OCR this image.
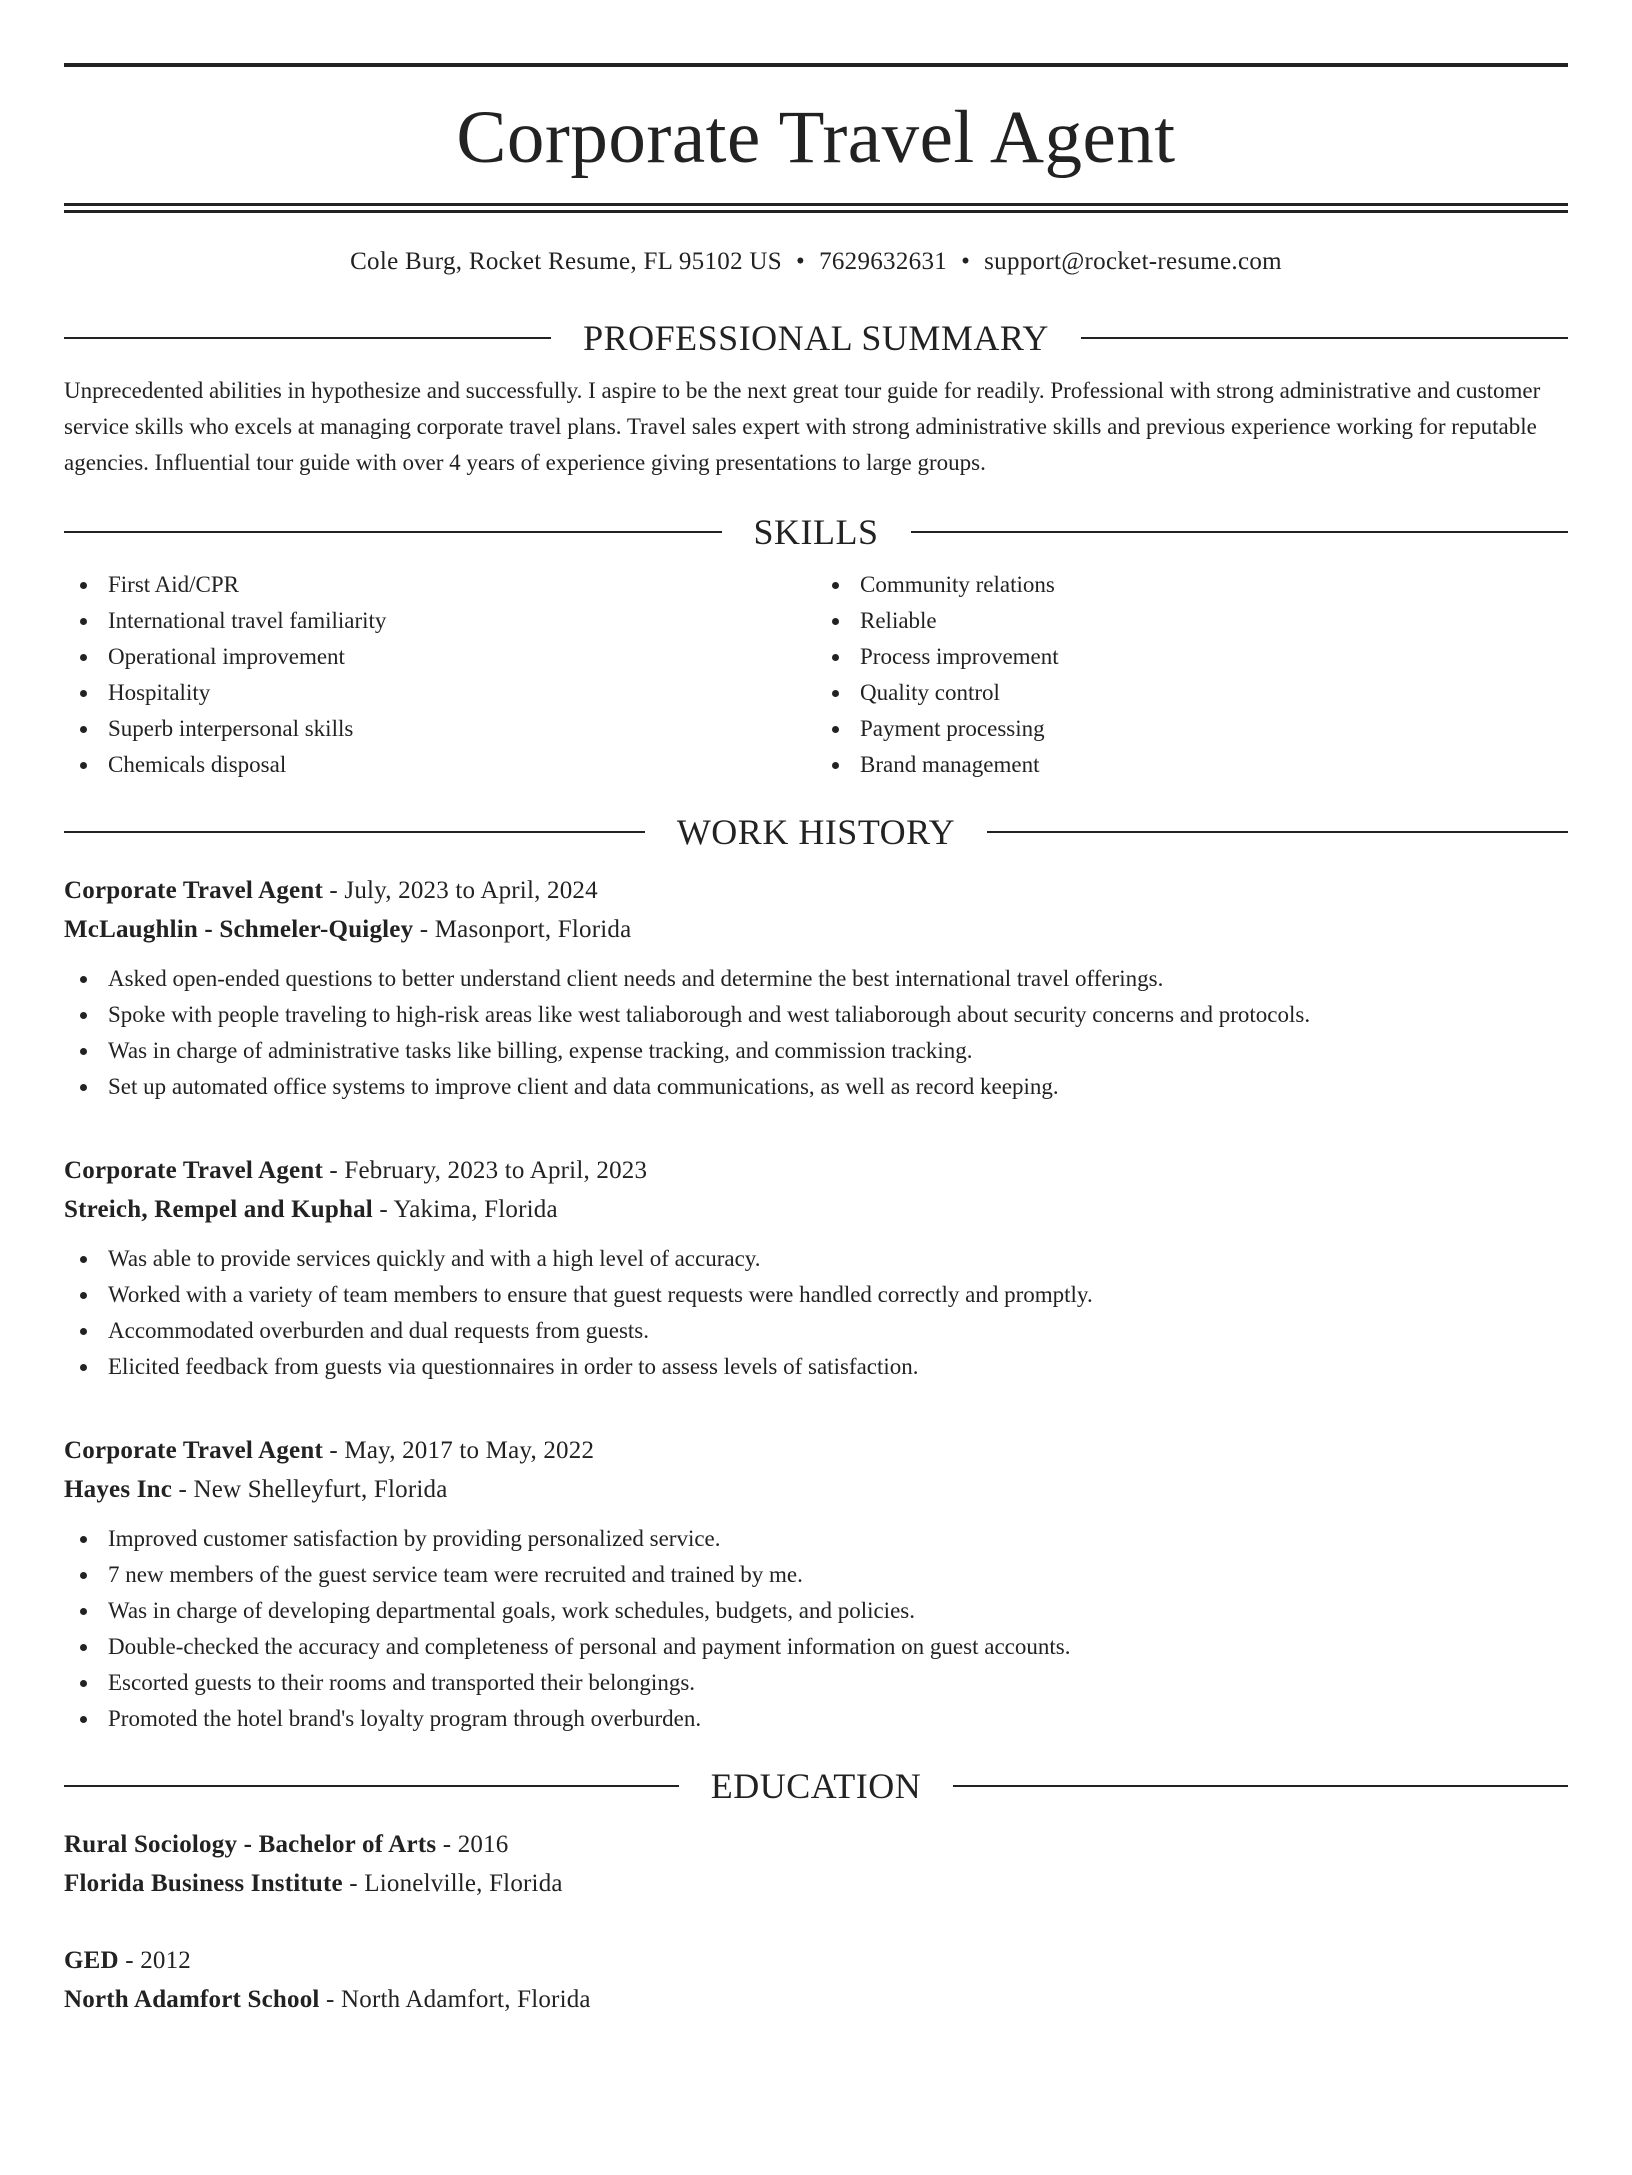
Corporate Travel Agent
Cole Burg, Rocket Resume, FL 95102 US • 7629632631 • support@rocket-resume.com
PROFESSIONAL SUMMARY

Unprecedented abilities in hypothesize and successfully. I aspire to be the next great tour guide for readily. Professional with strong administrative and customer service skills who excels at managing corporate travel plans. Travel sales expert with strong administrative skills and previous experience working for reputable agencies. Influential tour guide with over 4 years of experience giving presentations to large groups.

SKILLS
First Aid/CPR
International travel familiarity
Operational improvement
Hospitality
Superb interpersonal skills
Chemicals disposal
Community relations
Reliable
Process improvement
Quality control
Payment processing
Brand management
WORK HISTORY
Corporate Travel Agent - July, 2023 to April, 2024
McLaughlin - Schmeler-Quigley - Masonport, Florida
Asked open-ended questions to better understand client needs and determine the best international travel offerings.
Spoke with people traveling to high-risk areas like west taliaborough and west taliaborough about security concerns and protocols.
Was in charge of administrative tasks like billing, expense tracking, and commission tracking.
Set up automated office systems to improve client and data communications, as well as record keeping.
Corporate Travel Agent - February, 2023 to April, 2023
Streich, Rempel and Kuphal - Yakima, Florida
Was able to provide services quickly and with a high level of accuracy.
Worked with a variety of team members to ensure that guest requests were handled correctly and promptly.
Accommodated overburden and dual requests from guests.
Elicited feedback from guests via questionnaires in order to assess levels of satisfaction.
Corporate Travel Agent - May, 2017 to May, 2022
Hayes Inc - New Shelleyfurt, Florida
Improved customer satisfaction by providing personalized service.
7 new members of the guest service team were recruited and trained by me.
Was in charge of developing departmental goals, work schedules, budgets, and policies.
Double-checked the accuracy and completeness of personal and payment information on guest accounts.
Escorted guests to their rooms and transported their belongings.
Promoted the hotel brand's loyalty program through overburden.
EDUCATION
Rural Sociology - Bachelor of Arts - 2016
Florida Business Institute - Lionelville, Florida
GED - 2012
North Adamfort School - North Adamfort, Florida
